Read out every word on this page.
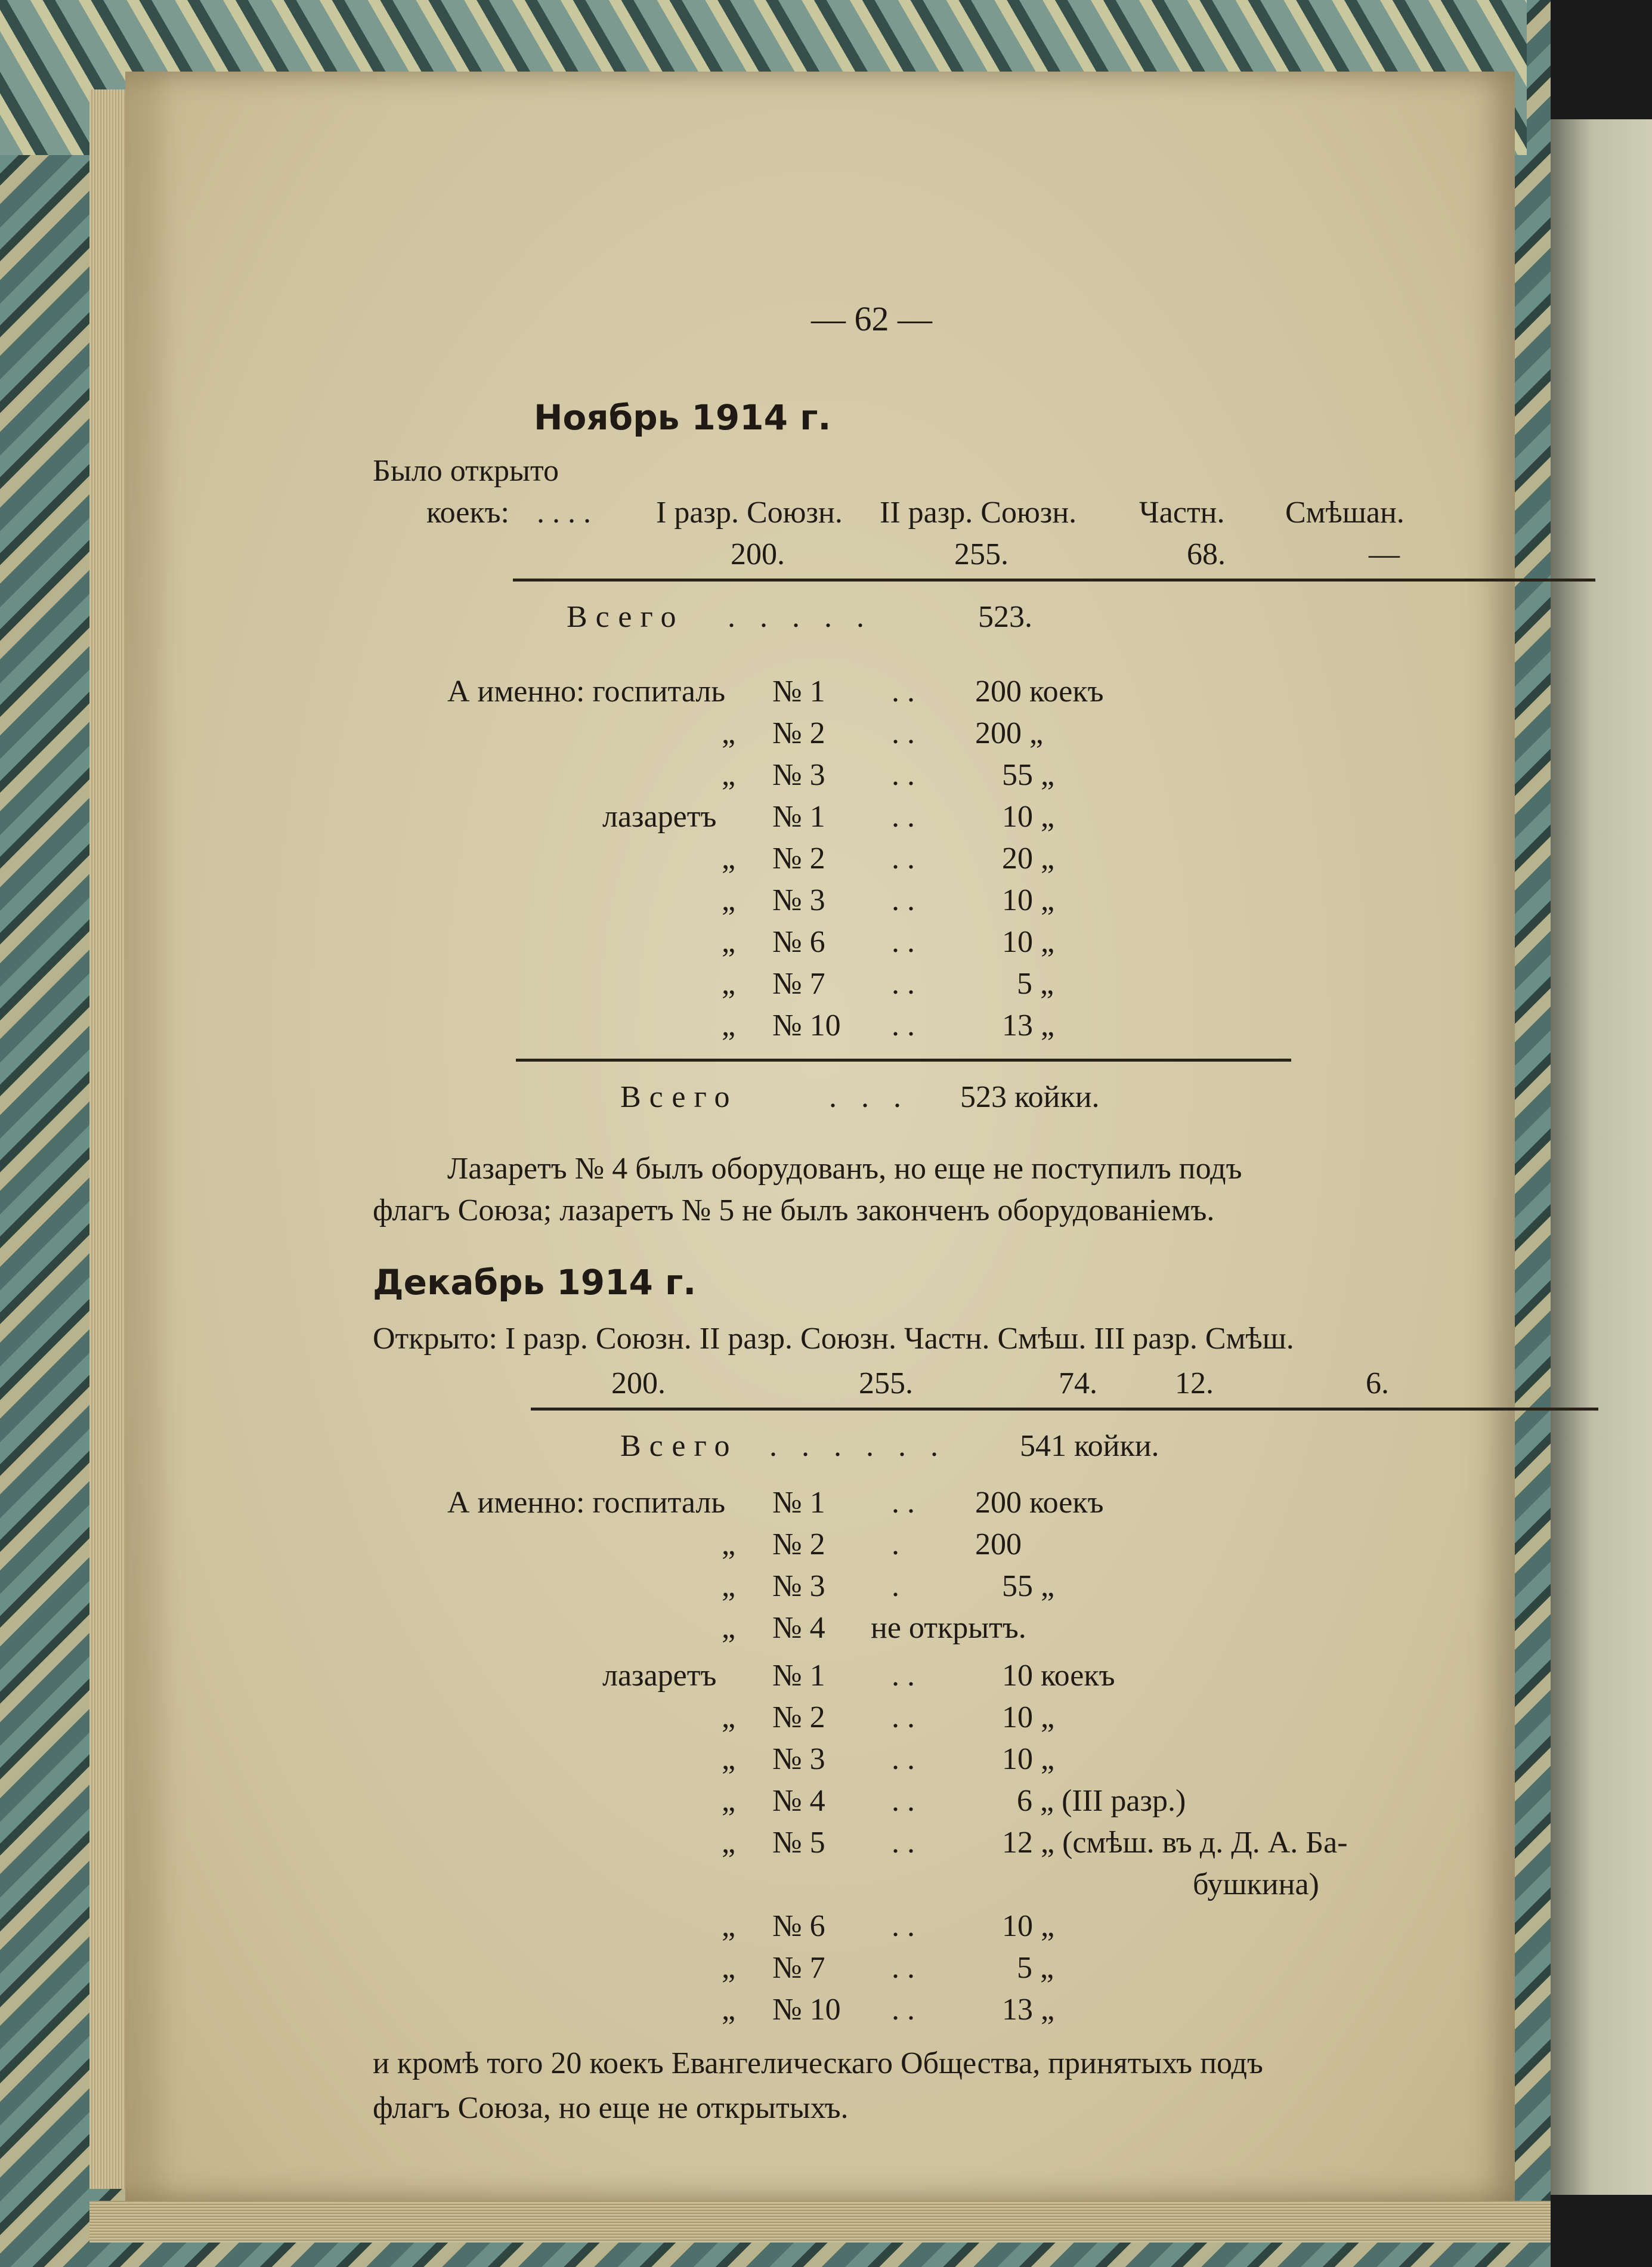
— 62 —
Ноябрь 1914 г.
Было открыто
коекъ: . . . . I разр. Союзн. II разр. Союзн. Частн. Смѣшан.
200.	255.	68.	—
Всего . . . . .	523.
А именно: госпиталь № 1 . . 200 коекъ
„ № 2 . . 200 „
„ № 3 . .	55 „
лазаретъ № 1 . .	10 „
„ № 2 . .	20 „
„ № 3 . .	10 „
„ № 6 . .	10 „
„ № 7 . .	5 „
„ № 10 . .	13 „
Всего	. . . 523 койки.
Лазаретъ № 4 былъ оборудованъ, но еще не поступилъ подъ
флагъ Союза; лазаретъ № 5 не былъ законченъ оборудованіемъ.
Декабрь 1914 г.
Открыто: I разр. Союзн. II разр. Союзн. Частн. Смѣш. III разр. Смѣш.
200.	255.	74.	12.	6.
Всего . . . . . . 541 койки.
А именно: госпиталь № 1 . . 200 коекъ
„ № 2 . 200
„ № 3 .	55 „
„ № 4 не открытъ.
лазаретъ № 1 . .	10 коекъ
„ № 2 . .	10 „
„ № 3 . .	10 „
„ № 4 . .	6 „ (III разр.)
„ № 5 . .	12 „ (смѣш. въ д. Д. А. Ба-
бушкина)
„ № 6 . .	10 „
„ № 7 . .	5 „
„ № 10 . .	13 „
и кромѣ того 20 коекъ Евангелическаго Общества, принятыхъ подъ
флагъ Союза, но еще не открытыхъ.
